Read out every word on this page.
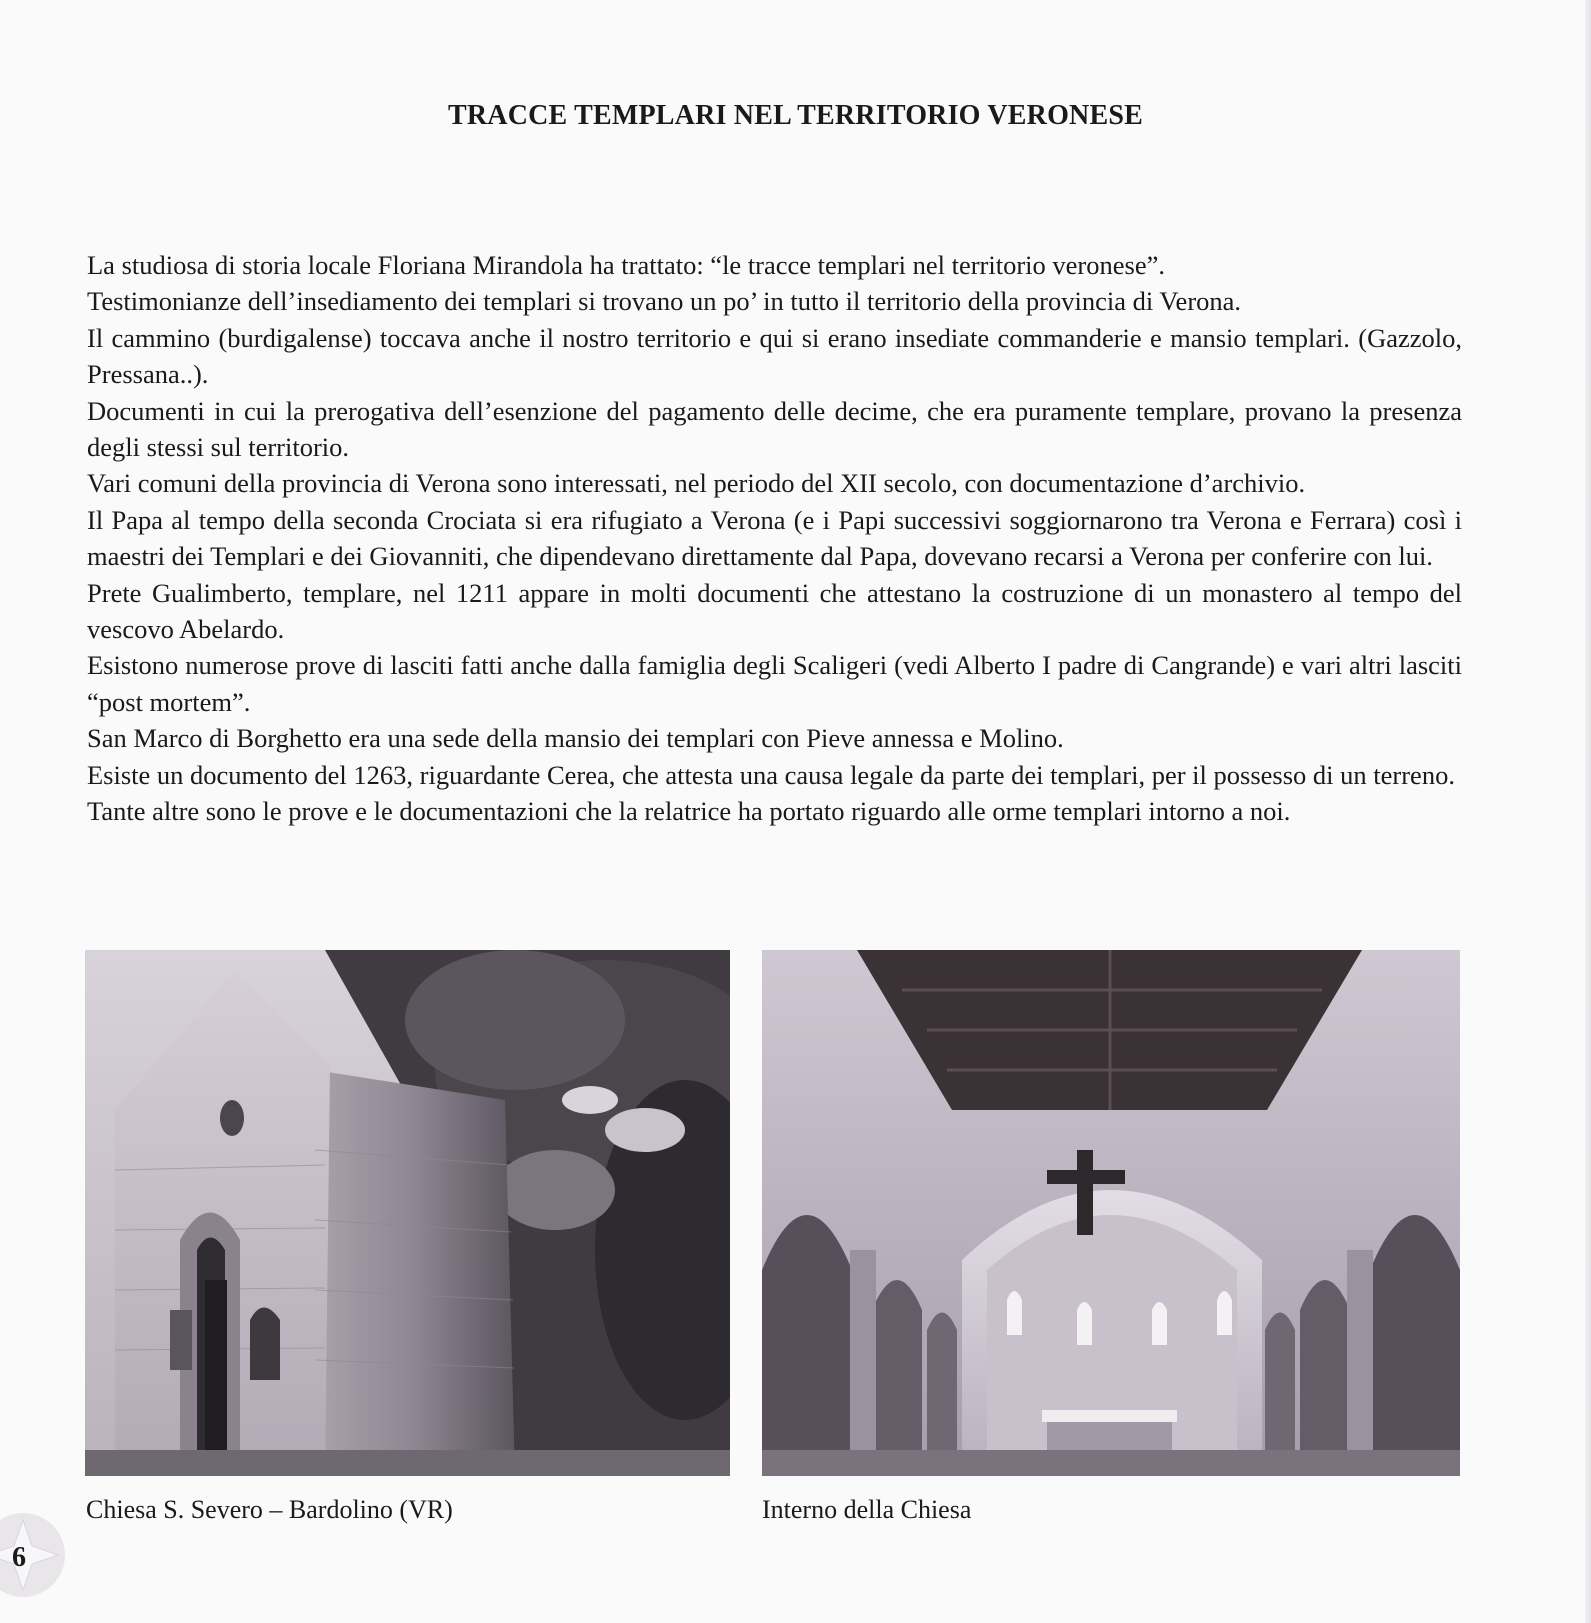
TRACCE TEMPLARI NEL TERRITORIO VERONESE

La studiosa di storia locale Floriana Mirandola ha trattato: “le tracce templari nel territorio veronese”.

Testimonianze dell’insediamento dei templari si trovano un po’ in tutto il territorio della provincia di Verona.

Il cammino (burdigalense) toccava anche il nostro territorio e qui si erano insediate commanderie e mansio templari. (Gazzolo, Pressana..).

Documenti in cui la prerogativa dell’esenzione del pagamento delle decime, che era puramente templare, provano la presenza degli stessi sul territorio.

Vari comuni della provincia di Verona sono interessati, nel periodo del XII secolo, con documentazione d’archivio.

Il Papa al tempo della seconda Crociata si era rifugiato a Verona (e i Papi successivi soggiornarono tra Verona e Ferrara) così i maestri dei Templari e dei Giovanniti, che dipendevano direttamente dal Papa, dovevano recarsi a Verona per conferire con lui.

Prete Gualimberto, templare, nel 1211 appare in molti documenti che attestano la costruzione di un monastero al tempo del vescovo Abelardo.

Esistono numerose prove di lasciti fatti anche dalla famiglia degli Scaligeri (vedi Alberto I padre di Cangrande) e vari altri lasciti “post mortem”.

San Marco di Borghetto era una sede della mansio dei templari con Pieve annessa e Molino.

Esiste un documento del 1263, riguardante Cerea, che attesta una causa legale da parte dei templari, per il possesso di un terreno.

Tante altre sono le prove e le documentazioni che la relatrice ha portato riguardo alle orme templari intorno a noi.

Chiesa S. Severo – Bardolino (VR)	Interno della Chiesa
6
